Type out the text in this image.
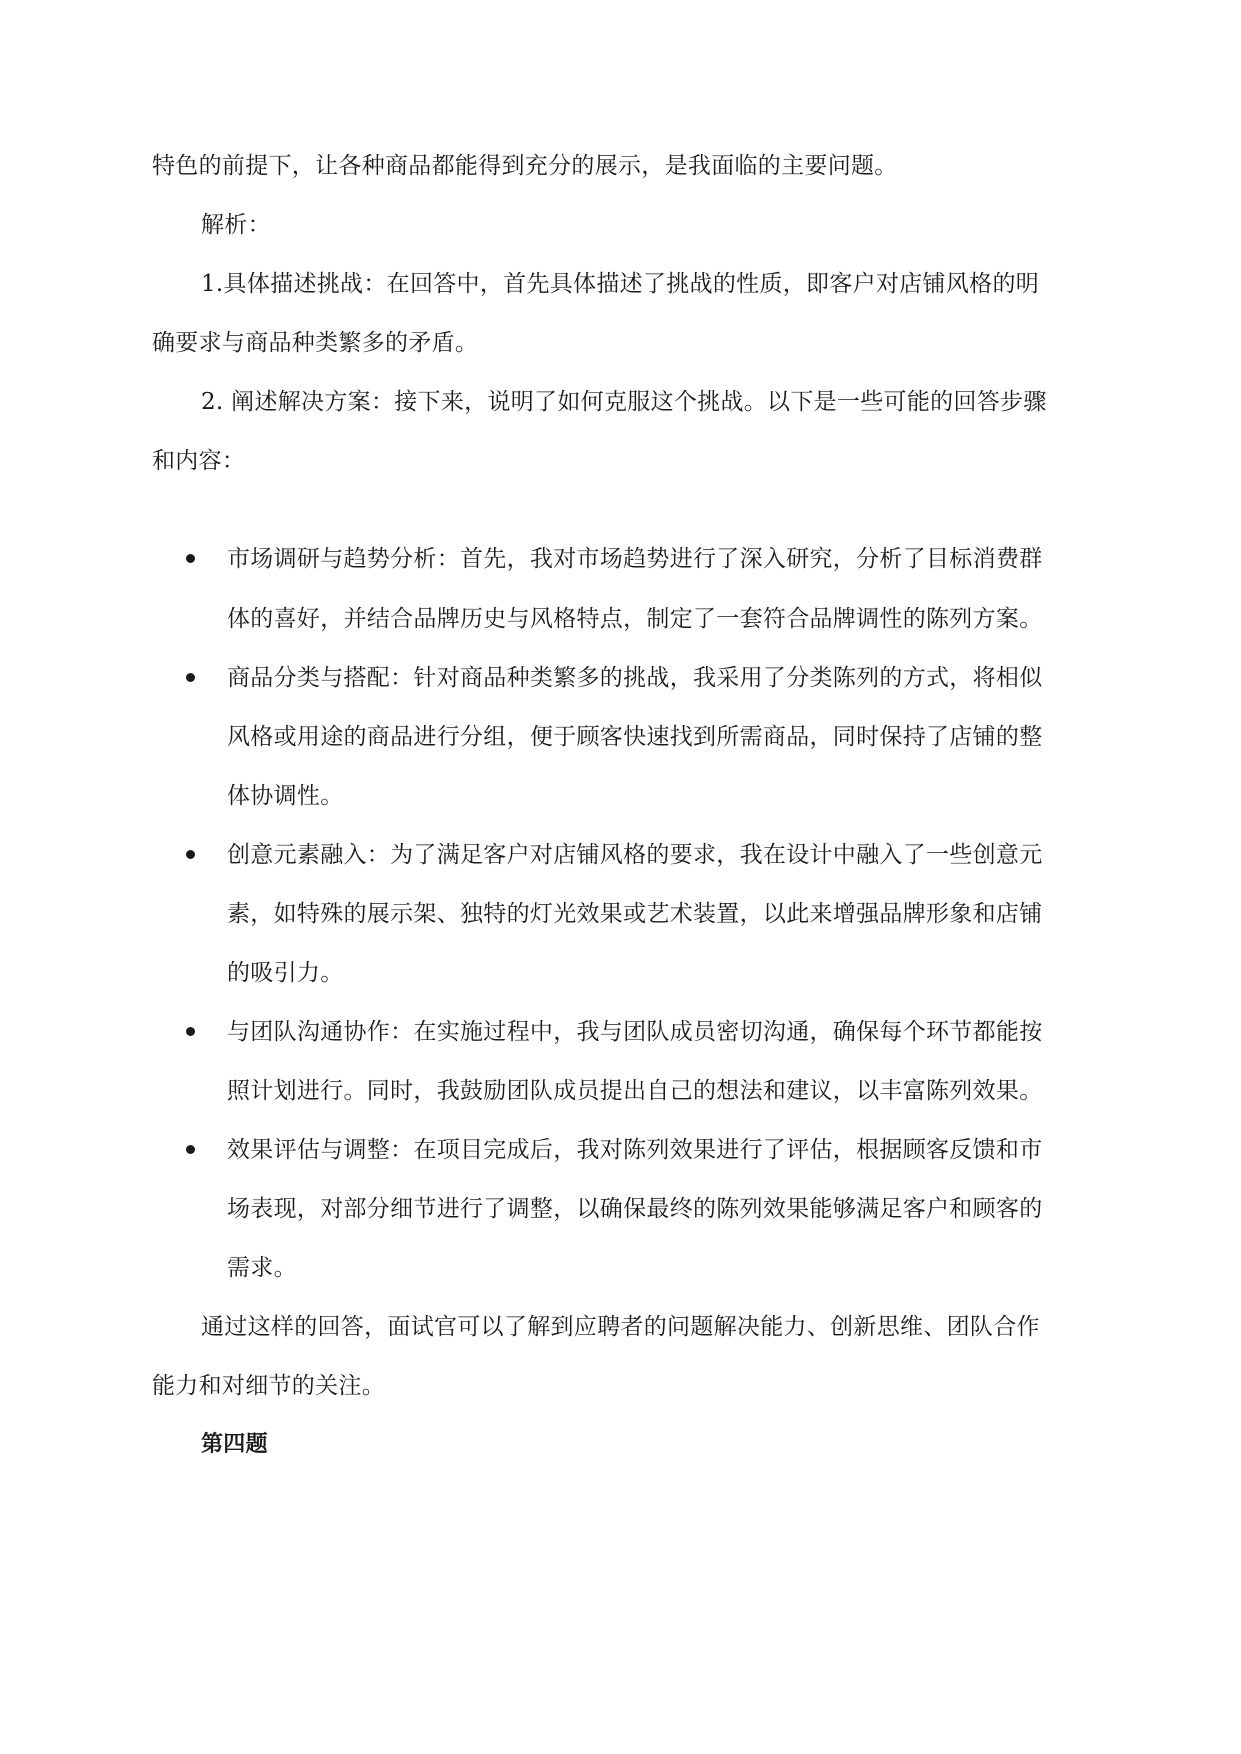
特色的前提下，让各种商品都能得到充分的展示，是我面临的主要问题。
解析：
1.具体描述挑战：在回答中，首先具体描述了挑战的性质，即客户对店铺风格的明
确要求与商品种类繁多的矛盾。
2. 阐述解决方案：接下来，说明了如何克服这个挑战。以下是一些可能的回答步骤
和内容：
市场调研与趋势分析：首先，我对市场趋势进行了深入研究，分析了目标消费群
体的喜好，并结合品牌历史与风格特点，制定了一套符合品牌调性的陈列方案。
商品分类与搭配：针对商品种类繁多的挑战，我采用了分类陈列的方式，将相似
风格或用途的商品进行分组，便于顾客快速找到所需商品，同时保持了店铺的整
体协调性。
创意元素融入：为了满足客户对店铺风格的要求，我在设计中融入了一些创意元
素，如特殊的展示架、独特的灯光效果或艺术装置，以此来增强品牌形象和店铺
的吸引力。
与团队沟通协作：在实施过程中，我与团队成员密切沟通，确保每个环节都能按
照计划进行。同时，我鼓励团队成员提出自己的想法和建议，以丰富陈列效果。
效果评估与调整：在项目完成后，我对陈列效果进行了评估，根据顾客反馈和市
场表现，对部分细节进行了调整，以确保最终的陈列效果能够满足客户和顾客的
需求。
通过这样的回答，面试官可以了解到应聘者的问题解决能力、创新思维、团队合作
能力和对细节的关注。
第四题
